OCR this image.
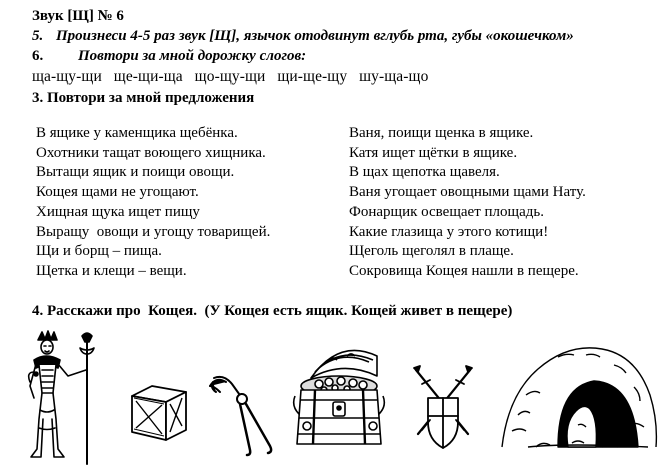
Звук [Щ] № 6
5. Произнеси 4-5 раз звук [Щ], язычок отодвинут вглубь рта, губы «окошечком»
6. Повтори за мной дорожку слогов:
ща-щу-щи   ще-щи-ща   що-щу-щи   щи-ще-щу   шу-ща-що
3. Повтори за мной предложения
В ящике у каменщика щебёнка.
Охотники тащат воющего хищника.
Вытащи ящик и поищи овощи.
Кощея щами не угощают.
Хищная щука ищет пищу
Выращу  овощи и угощу товарищей.
Щи и борщ – пища.
Щетка и клещи – вещи.
Ваня, поищи щенка в ящике.
Катя ищет щётки в ящике.
В щах щепотка щавеля.
Ваня угощает овощными щами Нату.
Фонарщик освещает площадь.
Какие глазища у этого котищи!
Щеголь щеголял в плаще.
Сокровища Кощея нашли в пещере.
4. Расскажи про  Кощея.  (У Кощея есть ящик. Кощей живет в пещере)
